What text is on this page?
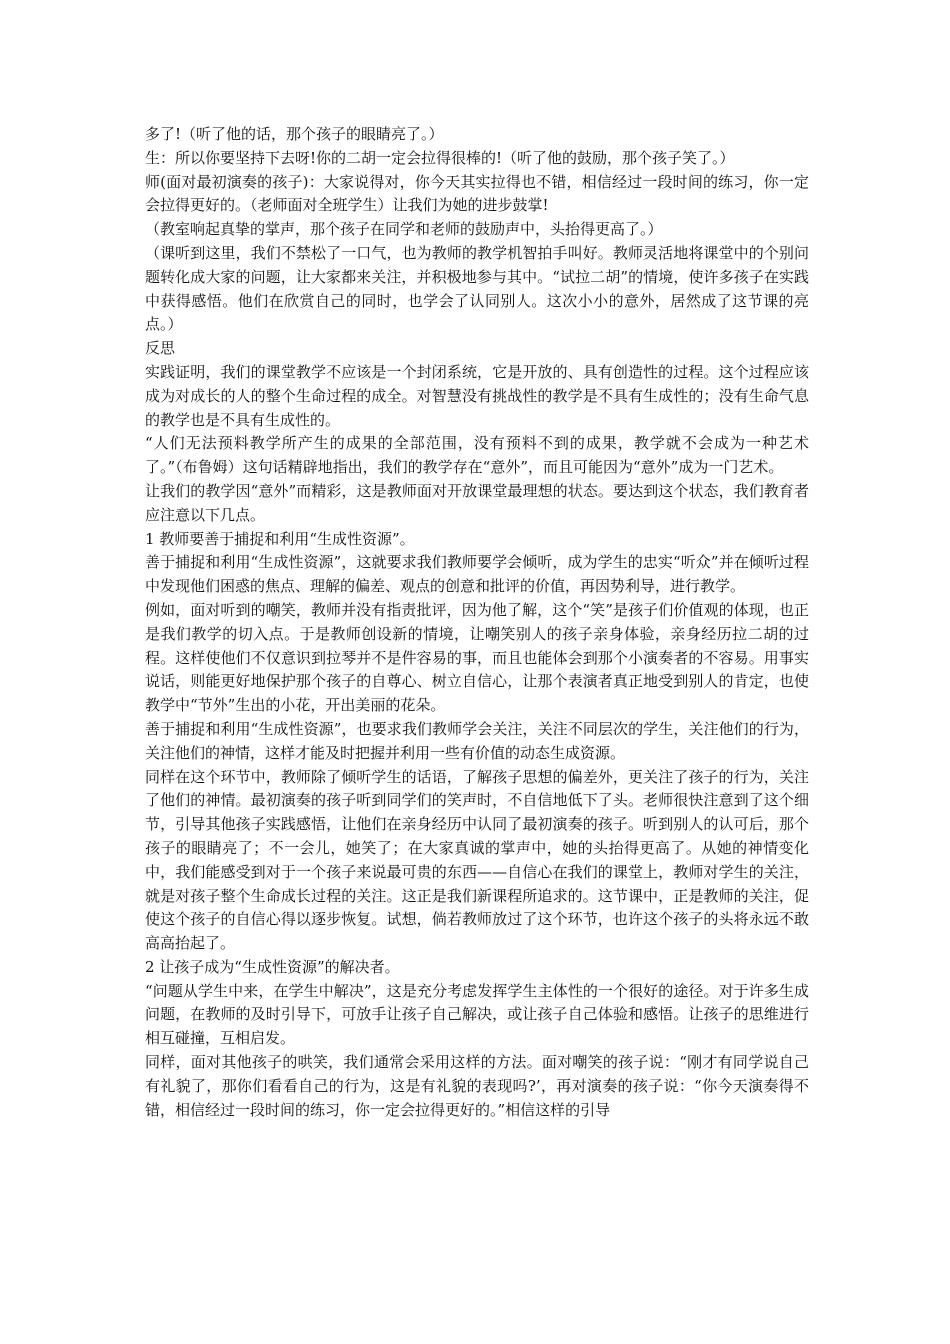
多了!（听了他的话，那个孩子的眼睛亮了。）

生：所以你要坚持下去呀!你的二胡一定会拉得很棒的!（听了他的鼓励，那个孩子笑了。）

师(面对最初演奏的孩子)：大家说得对，你今天其实拉得也不错，相信经过一段时间的练习，你一定会拉得更好的。（老师面对全班学生）让我们为她的进步鼓掌!

（教室响起真挚的掌声，那个孩子在同学和老师的鼓励声中，头抬得更高了。）

（课听到这里，我们不禁松了一口气，也为教师的教学机智拍手叫好。教师灵活地将课堂中的个别问题转化成大家的问题，让大家都来关注，并积极地参与其中。“试拉二胡”的情境，使许多孩子在实践中获得感悟。他们在欣赏自己的同时，也学会了认同别人。这次小小的意外，居然成了这节课的亮点。）

反思

实践证明，我们的课堂教学不应该是一个封闭系统，它是开放的、具有创造性的过程。这个过程应该成为对成长的人的整个生命过程的成全。对智慧没有挑战性的教学是不具有生成性的；没有生命气息的教学也是不具有生成性的。

“人们无法预料教学所产生的成果的全部范围，没有预料不到的成果，教学就不会成为一种艺术了。”（布鲁姆）这句话精辟地指出，我们的教学存在“意外”，而且可能因为“意外”成为一门艺术。

让我们的教学因“意外”而精彩，这是教师面对开放课堂最理想的状态。要达到这个状态，我们教育者应注意以下几点。

1 教师要善于捕捉和利用“生成性资源”。

善于捕捉和利用“生成性资源”，这就要求我们教师要学会倾听，成为学生的忠实“听众”并在倾听过程中发现他们困惑的焦点、理解的偏差、观点的创意和批评的价值，再因势利导，进行教学。

例如，面对听到的嘲笑，教师并没有指责批评，因为他了解，这个“笑”是孩子们价值观的体现，也正是我们教学的切入点。于是教师创设新的情境，让嘲笑别人的孩子亲身体验，亲身经历拉二胡的过程。这样使他们不仅意识到拉琴并不是件容易的事，而且也能体会到那个小演奏者的不容易。用事实说话，则能更好地保护那个孩子的自尊心、树立自信心，让那个表演者真正地受到别人的肯定，也使教学中“节外”生出的小花，开出美丽的花朵。

善于捕捉和利用“生成性资源”，也要求我们教师学会关注，关注不同层次的学生，关注他们的行为，关注他们的神情，这样才能及时把握并利用一些有价值的动态生成资源。

同样在这个环节中，教师除了倾听学生的话语，了解孩子思想的偏差外，更关注了孩子的行为，关注了他们的神情。最初演奏的孩子听到同学们的笑声时，不自信地低下了头。老师很快注意到了这个细节，引导其他孩子实践感悟，让他们在亲身经历中认同了最初演奏的孩子。听到别人的认可后，那个孩子的眼睛亮了；不一会儿，她笑了；在大家真诚的掌声中，她的头抬得更高了。从她的神情变化中，我们能感受到对于一个孩子来说最可贵的东西——自信心在我们的课堂上，教师对学生的关注，就是对孩子整个生命成长过程的关注。这正是我们新课程所追求的。这节课中，正是教师的关注，促使这个孩子的自信心得以逐步恢复。试想，倘若教师放过了这个环节，也许这个孩子的头将永远不敢高高抬起了。

2 让孩子成为“生成性资源”的解决者。

“问题从学生中来，在学生中解决”，这是充分考虑发挥学生主体性的一个很好的途径。对于许多生成问题，在教师的及时引导下，可放手让孩子自己解决，或让孩子自己体验和感悟。让孩子的思维进行相互碰撞，互相启发。

同样，面对其他孩子的哄笑，我们通常会采用这样的方法。面对嘲笑的孩子说：“刚才有同学说自己有礼貌了，那你们看看自己的行为，这是有礼貌的表现吗?’，再对演奏的孩子说：“你今天演奏得不错，相信经过一段时间的练习，你一定会拉得更好的。”相信这样的引导
